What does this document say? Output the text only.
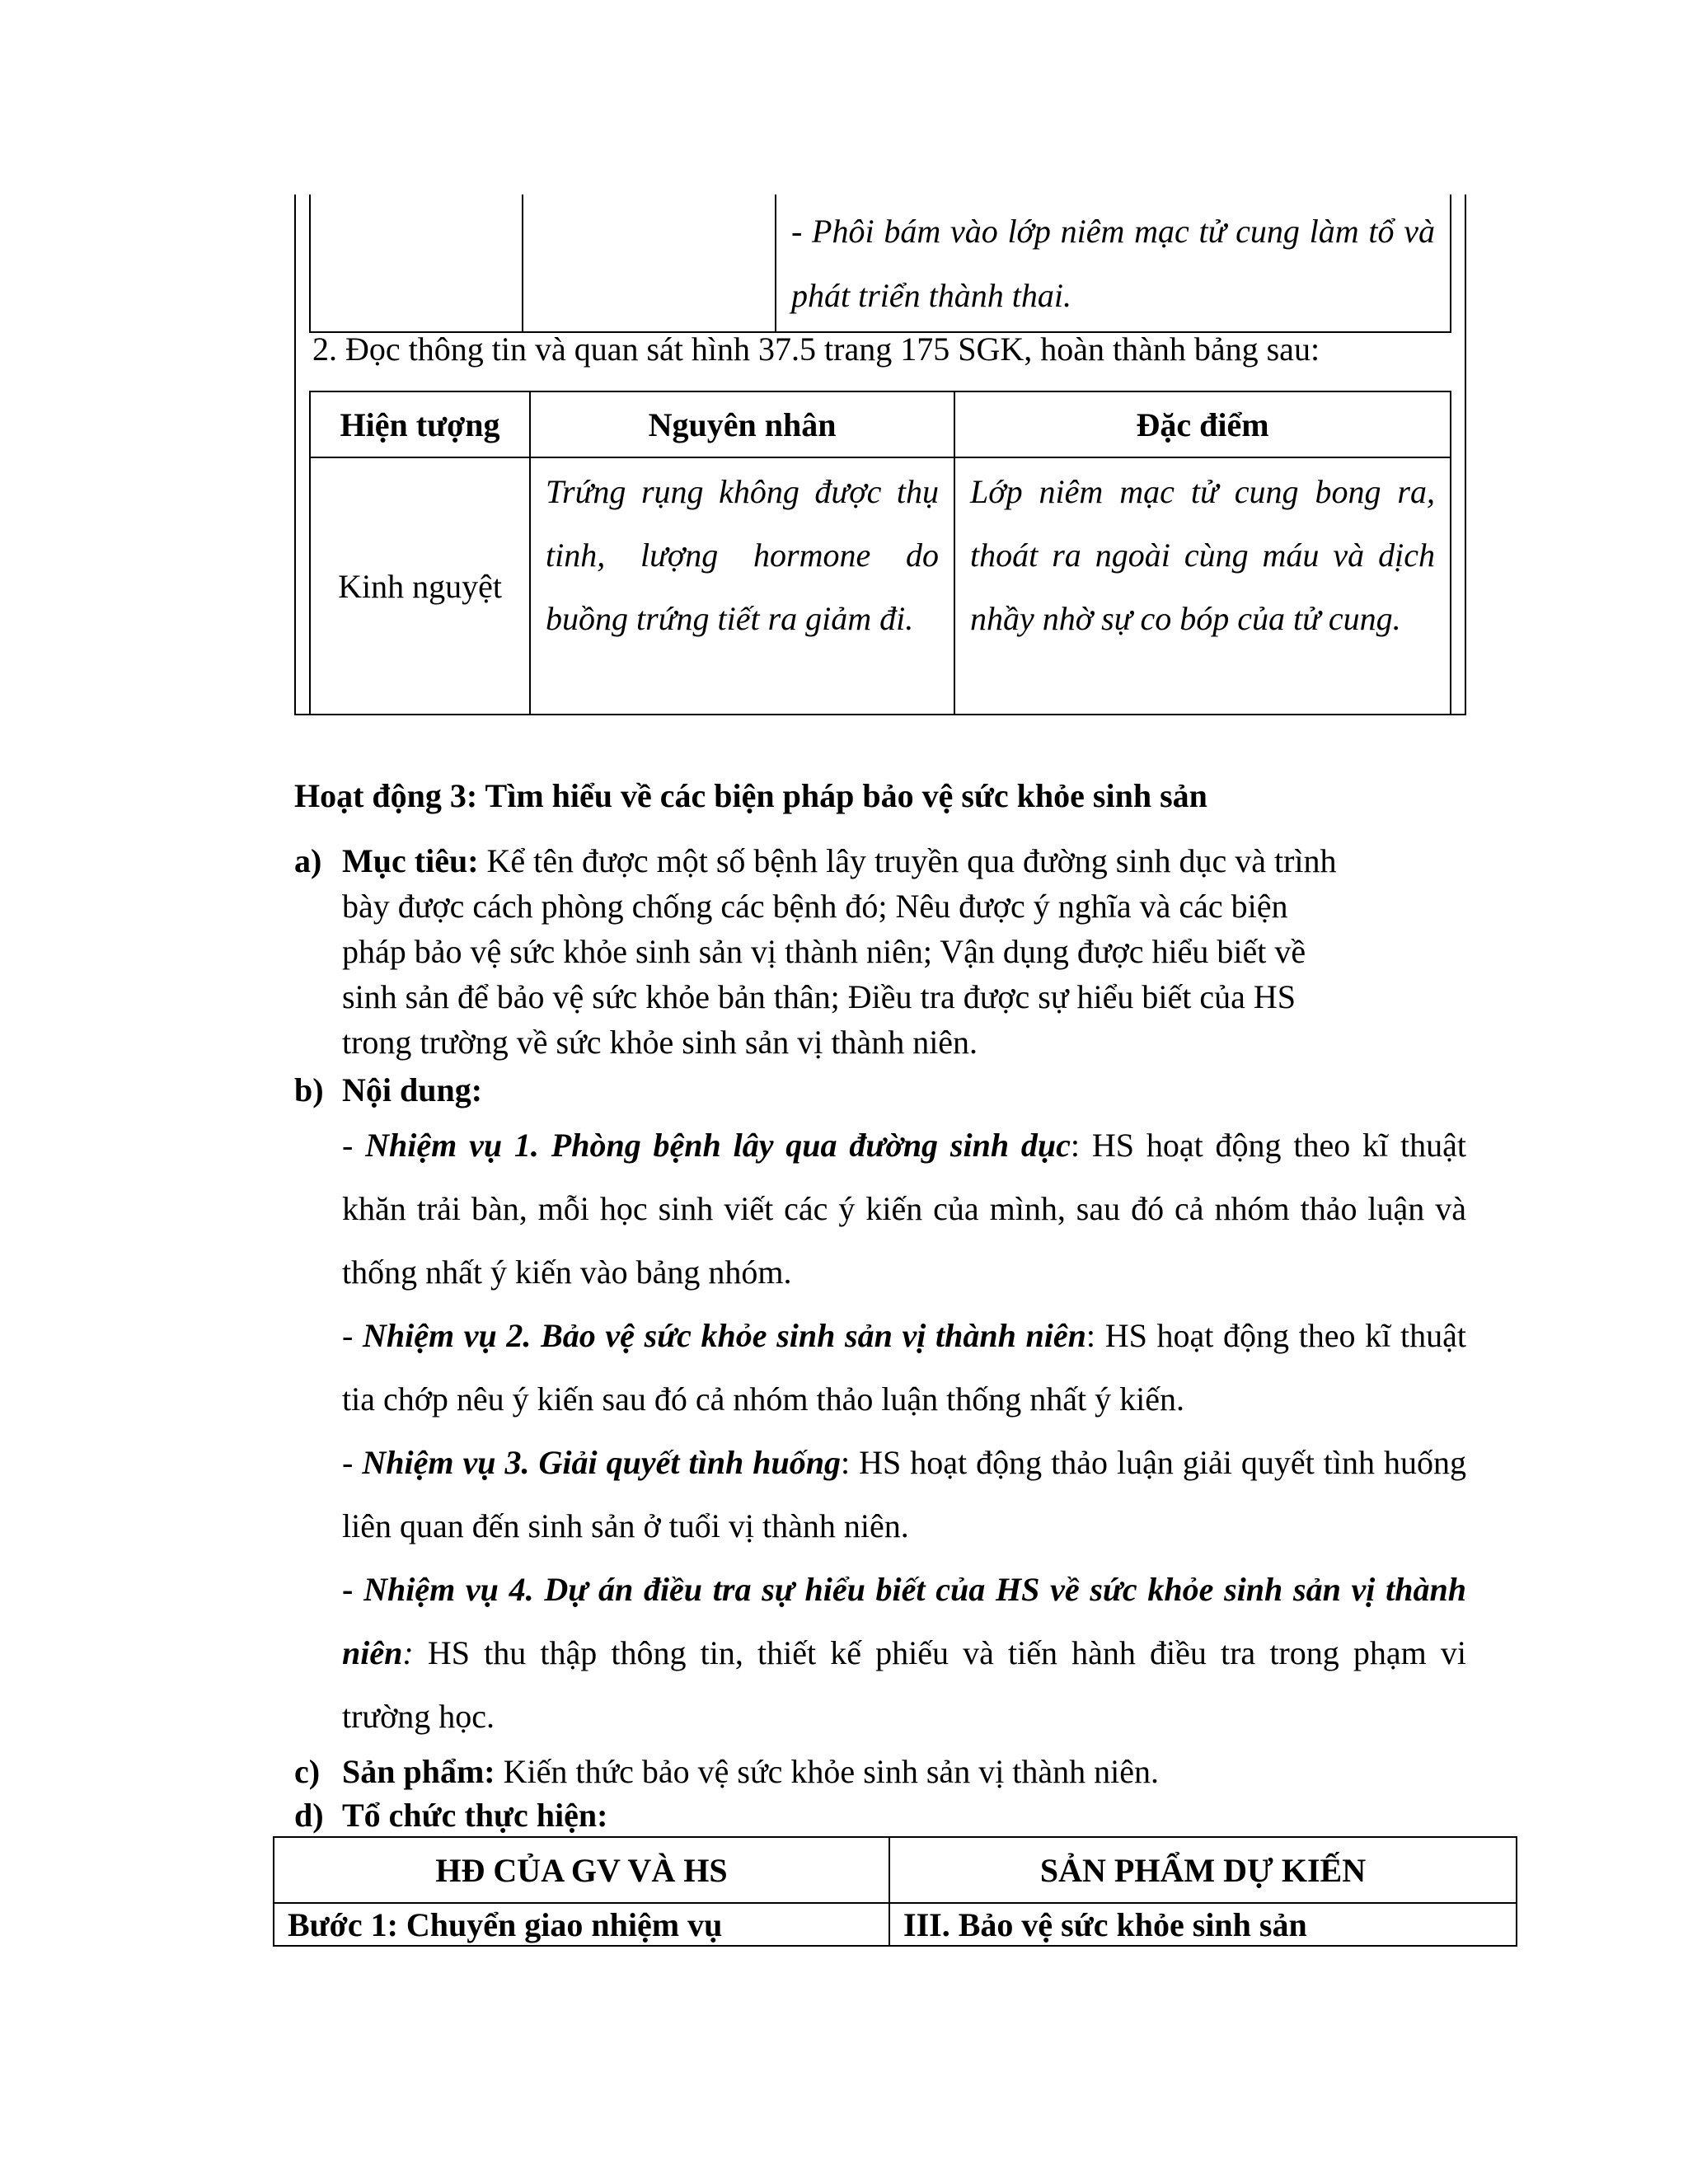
		- Phôi bám vào lớp niêm mạc tử cung làm tổ và phát triển thành thai.
2. Đọc thông tin và quan sát hình 37.5 trang 175 SGK, hoàn thành bảng sau:
Hiện tượng	Nguyên nhân	Đặc điểm
Kinh nguyệt	Trứng rụng không được thụ tinh, lượng hormone do buồng trứng tiết ra giảm đi.	Lớp niêm mạc tử cung bong ra, thoát ra ngoài cùng máu và dịch nhầy nhờ sự co bóp của tử cung.
Hoạt động 3: Tìm hiểu về các biện pháp bảo vệ sức khỏe sinh sản
a) Mục tiêu: Kể tên được một số bệnh lây truyền qua đường sinh dục và trình
bày được cách phòng chống các bệnh đó; Nêu được ý nghĩa và các biện
pháp bảo vệ sức khỏe sinh sản vị thành niên; Vận dụng được hiểu biết về
sinh sản để bảo vệ sức khỏe bản thân; Điều tra được sự hiểu biết của HS
trong trường về sức khỏe sinh sản vị thành niên.
b) Nội dung:
- Nhiệm vụ 1. Phòng bệnh lây qua đường sinh dục: HS hoạt động theo kĩ thuật khăn trải bàn, mỗi học sinh viết các ý kiến của mình, sau đó cả nhóm thảo luận và thống nhất ý kiến vào bảng nhóm.
- Nhiệm vụ 2. Bảo vệ sức khỏe sinh sản vị thành niên: HS hoạt động theo kĩ thuật tia chớp nêu ý kiến sau đó cả nhóm thảo luận thống nhất ý kiến.
- Nhiệm vụ 3. Giải quyết tình huống: HS hoạt động thảo luận giải quyết tình huống liên quan đến sinh sản ở tuổi vị thành niên.
- Nhiệm vụ 4. Dự án điều tra sự hiểu biết của HS về sức khỏe sinh sản vị thành niên: HS thu thập thông tin, thiết kế phiếu và tiến hành điều tra trong phạm vi trường học.
c) Sản phẩm: Kiến thức bảo vệ sức khỏe sinh sản vị thành niên.
d) Tổ chức thực hiện:
HĐ CỦA GV VÀ HS	SẢN PHẨM DỰ KIẾN
Bước 1: Chuyển giao nhiệm vụ	III. Bảo vệ sức khỏe sinh sản
